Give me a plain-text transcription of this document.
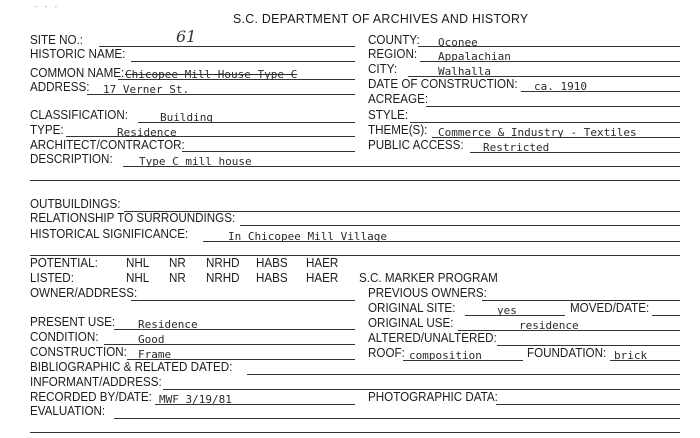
- - -
S.C. DEPARTMENT OF ARCHIVES AND HISTORY
SITE NO.:	61
HISTORIC NAME:
COMMON NAME: Chicopee Mill House Type C
ADDRESS: 17 Verner St.
CLASSIFICATION:	Building
TYPE:	Residence
ARCHITECT/CONTRACTOR:
DESCRIPTION: Type C mill house
COUNTY: Oconee
REGION: Appalachian
CITY:	Walhalla
DATE OF CONSTRUCTION: ca. 1910
ACREAGE:
STYLE:
THEME(S): Commerce & Industry - Textiles
PUBLIC ACCESS: Restricted
OUTBUILDINGS:
RELATIONSHIP TO SURROUNDINGS:
HISTORICAL SIGNIFICANCE:	In Chicopee Mill Village
POTENTIAL: NHL NR NRHD HABS HAER
LISTED:	NHL NR NRHD HABS HAER S.C. MARKER PROGRAM
OWNER/ADDRESS:	PREVIOUS OWNERS:
ORIGINAL SITE:	yes	MOVED/DATE:
PRESENT USE: Residence	ORIGINAL USE:	residence
CONDITION:	Good	ALTERED/UNALTERED:
CONSTRUCTION: Frame	ROOF: composition	FOUNDATION: brick
BIBLIOGRAPHIC & RELATED DATED:
INFORMANT/ADDRESS:
RECORDED BY/DATE: MWF 3/19/81	PHOTOGRAPHIC DATA:
EVALUATION:
